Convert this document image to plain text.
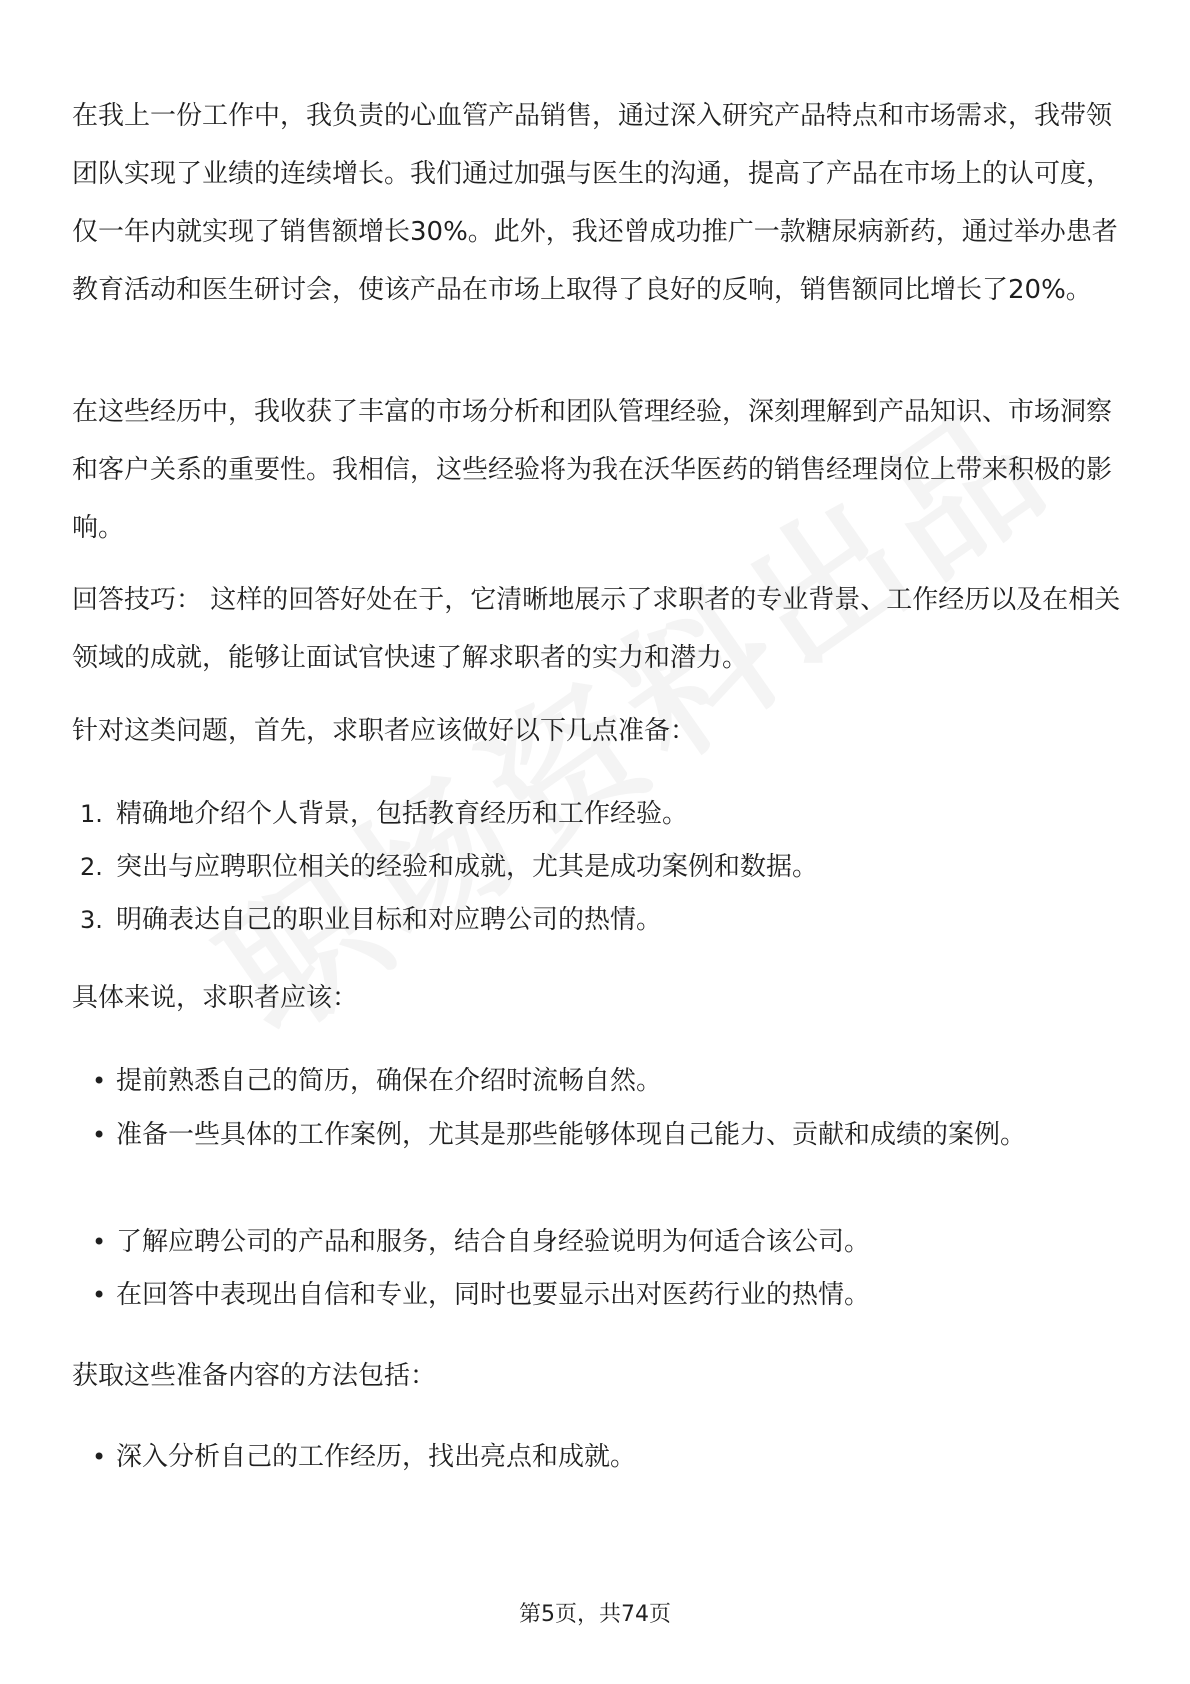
在我上一份工作中，我负责的心血管产品销售，通过深入研究产品特点和市场需求，我带领团队实现了业绩的连续增长。我们通过加强与医生的沟通，提高了产品在市场上的认可度，仅一年内就实现了销售额增长30%。此外，我还曾成功推广一款糖尿病新药，通过举办患者教育活动和医生研讨会，使该产品在市场上取得了良好的反响，销售额同比增长了20%。

在这些经历中，我收获了丰富的市场分析和团队管理经验，深刻理解到产品知识、市场洞察和客户关系的重要性。我相信，这些经验将为我在沃华医药的销售经理岗位上带来积极的影响。

回答技巧： 这样的回答好处在于，它清晰地展示了求职者的专业背景、工作经历以及在相关领域的成就，能够让面试官快速了解求职者的实力和潜力。

针对这类问题，首先，求职者应该做好以下几点准备：

1. 精确地介绍个人背景，包括教育经历和工作经验。

2. 突出与应聘职位相关的经验和成就，尤其是成功案例和数据。

3. 明确表达自己的职业目标和对应聘公司的热情。

具体来说，求职者应该：

• 提前熟悉自己的简历，确保在介绍时流畅自然。

• 准备一些具体的工作案例，尤其是那些能够体现自己能力、贡献和成绩的案例。

• 了解应聘公司的产品和服务，结合自身经验说明为何适合该公司。

• 在回答中表现出自信和专业，同时也要显示出对医药行业的热情。

获取这些准备内容的方法包括：

• 深入分析自己的工作经历，找出亮点和成就。

第5页，共74页
